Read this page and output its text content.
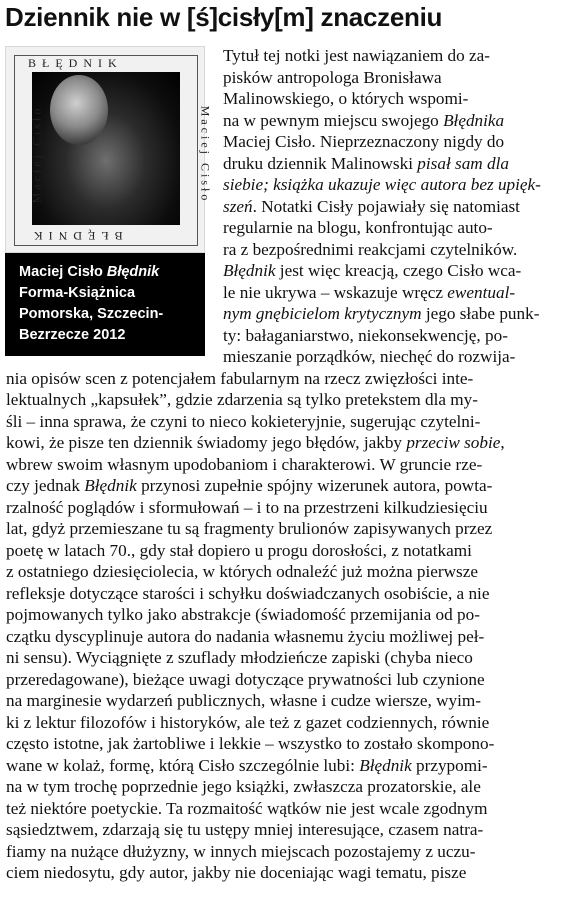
Dziennik nie w [ś]cisły[m] znaczeniu
BŁĘDNIK
BŁĘDNIK
Maciej Cisło	Maciej Cisło
Maciej Cisło Błędnik
Forma-Książnica
Pomorska, Szczecin-
Bezrzecze 2012
Tytuł tej notki jest nawiązaniem do za-
pisków antropologa Bronisława
Malinowskiego, o których wspomi-
na w pewnym miejscu swojego Błędnika
Maciej Cisło. Nieprzeznaczony nigdy do
druku dziennik Malinowski pisał sam dla
siebie; książka ukazuje więc autora bez upięk-
szeń. Notatki Cisły pojawiały się natomiast
regularnie na blogu, konfrontując auto-
ra z bezpośrednimi reakcjami czytelników.
Błędnik jest więc kreacją, czego Cisło wca-
le nie ukrywa – wskazuje wręcz ewentual-
nym gnębicielom krytycznym jego słabe punk-
ty: bałaganiarstwo, niekonsekwencję, po-
mieszanie porządków, niechęć do rozwija-
nia opisów scen z potencjałem fabularnym na rzecz zwięzłości inte-
lektualnych „kapsułek”, gdzie zdarzenia są tylko pretekstem dla my-
śli – inna sprawa, że czyni to nieco kokieteryjnie, sugerując czytelni-
kowi, że pisze ten dziennik świadomy jego błędów, jakby przeciw sobie,
wbrew swoim własnym upodobaniom i charakterowi. W gruncie rze-
czy jednak Błędnik przynosi zupełnie spójny wizerunek autora, powta-
rzalność poglądów i sformułowań – i to na przestrzeni kilkudziesięciu
lat, gdyż przemieszane tu są fragmenty brulionów zapisywanych przez
poetę w latach 70., gdy stał dopiero u progu dorosłości, z notatkami
z ostatniego dziesięciolecia, w których odnaleźć już można pierwsze
refleksje dotyczące starości i schyłku doświadczanych osobiście, a nie
pojmowanych tylko jako abstrakcje (świadomość przemijania od po-
czątku dyscyplinuje autora do nadania własnemu życiu możliwej peł-
ni sensu). Wyciągnięte z szuflady młodzieńcze zapiski (chyba nieco
przeredagowane), bieżące uwagi dotyczące prywatności lub czynione
na marginesie wydarzeń publicznych, własne i cudze wiersze, wyim-
ki z lektur filozofów i historyków, ale też z gazet codziennych, równie
często istotne, jak żartobliwe i lekkie – wszystko to zostało skompono-
wane w kolaż, formę, którą Cisło szczególnie lubi: Błędnik przypomi-
na w tym trochę poprzednie jego książki, zwłaszcza prozatorskie, ale
też niektóre poetyckie. Ta rozmaitość wątków nie jest wcale zgodnym
sąsiedztwem, zdarzają się tu ustępy mniej interesujące, czasem natra-
fiamy na nużące dłużyzny, w innych miejscach pozostajemy z uczu-
ciem niedosytu, gdy autor, jakby nie doceniając wagi tematu, pisze
